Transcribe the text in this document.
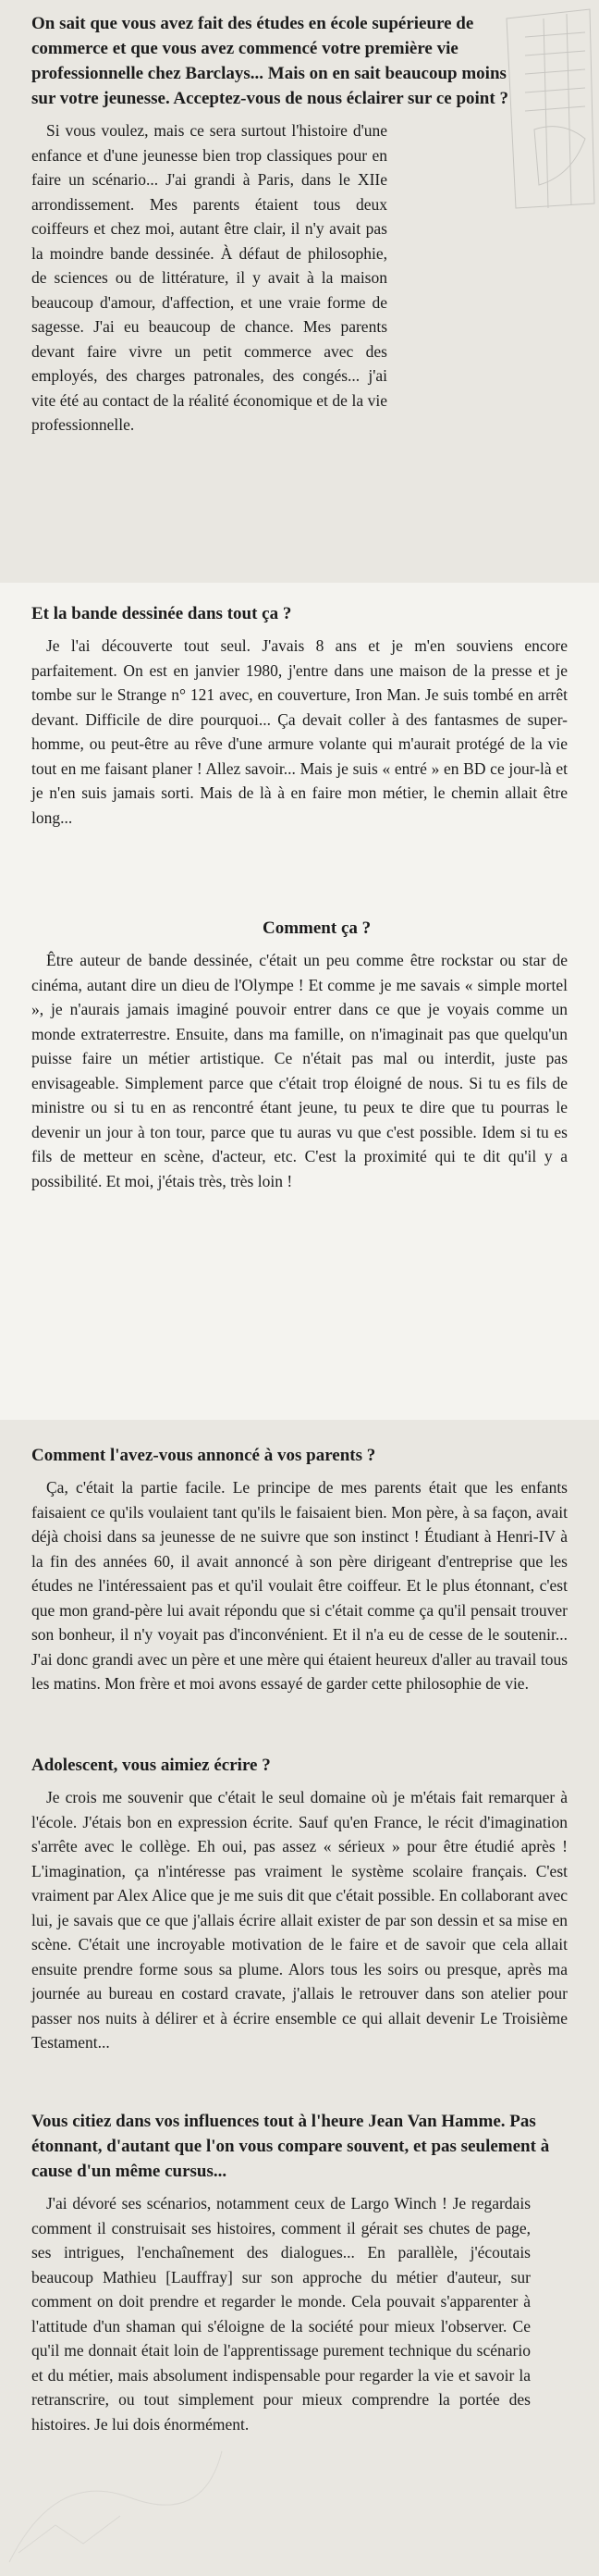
On sait que vous avez fait des études en école supérieure de commerce et que vous avez commencé votre première vie professionnelle chez Barclays... Mais on en sait beaucoup moins sur votre jeunesse. Acceptez-vous de nous éclairer sur ce point ?

Si vous voulez, mais ce sera surtout l'histoire d'une enfance et d'une jeunesse bien trop classiques pour en faire un scénario... J'ai grandi à Paris, dans le XIIe arrondissement. Mes parents étaient tous deux coiffeurs et chez moi, autant être clair, il n'y avait pas la moindre bande dessinée. À défaut de philosophie, de sciences ou de littérature, il y avait à la maison beaucoup d'amour, d'affection, et une vraie forme de sagesse. J'ai eu beaucoup de chance. Mes parents devant faire vivre un petit commerce avec des employés, des charges patronales, des congés... j'ai vite été au contact de la réalité économique et de la vie professionnelle.

Et la bande dessinée dans tout ça ?

Je l'ai découverte tout seul. J'avais 8 ans et je m'en souviens encore parfaitement. On est en janvier 1980, j'entre dans une maison de la presse et je tombe sur le Strange n° 121 avec, en couverture, Iron Man. Je suis tombé en arrêt devant. Difficile de dire pourquoi... Ça devait coller à des fantasmes de super-homme, ou peut-être au rêve d'une armure volante qui m'aurait protégé de la vie tout en me faisant planer ! Allez savoir... Mais je suis « entré » en BD ce jour-là et je n'en suis jamais sorti. Mais de là à en faire mon métier, le chemin allait être long...

Comment ça ?

Être auteur de bande dessinée, c'était un peu comme être rockstar ou star de cinéma, autant dire un dieu de l'Olympe ! Et comme je me savais « simple mortel », je n'aurais jamais imaginé pouvoir entrer dans ce que je voyais comme un monde extraterrestre. Ensuite, dans ma famille, on n'imaginait pas que quelqu'un puisse faire un métier artistique. Ce n'était pas mal ou interdit, juste pas envisageable. Simplement parce que c'était trop éloigné de nous. Si tu es fils de ministre ou si tu en as rencontré étant jeune, tu peux te dire que tu pourras le devenir un jour à ton tour, parce que tu auras vu que c'est possible. Idem si tu es fils de metteur en scène, d'acteur, etc. C'est la proximité qui te dit qu'il y a possibilité. Et moi, j'étais très, très loin !

Comment l'avez-vous annoncé à vos parents ?

Ça, c'était la partie facile. Le principe de mes parents était que les enfants faisaient ce qu'ils voulaient tant qu'ils le faisaient bien. Mon père, à sa façon, avait déjà choisi dans sa jeunesse de ne suivre que son instinct ! Étudiant à Henri-IV à la fin des années 60, il avait annoncé à son père dirigeant d'entreprise que les études ne l'intéressaient pas et qu'il voulait être coiffeur. Et le plus étonnant, c'est que mon grand-père lui avait répondu que si c'était comme ça qu'il pensait trouver son bonheur, il n'y voyait pas d'inconvénient. Et il n'a eu de cesse de le soutenir... J'ai donc grandi avec un père et une mère qui étaient heureux d'aller au travail tous les matins. Mon frère et moi avons essayé de garder cette philosophie de vie.

Adolescent, vous aimiez écrire ?

Je crois me souvenir que c'était le seul domaine où je m'étais fait remarquer à l'école. J'étais bon en expression écrite. Sauf qu'en France, le récit d'imagination s'arrête avec le collège. Eh oui, pas assez « sérieux » pour être étudié après ! L'imagination, ça n'intéresse pas vraiment le système scolaire français. C'est vraiment par Alex Alice que je me suis dit que c'était possible. En collaborant avec lui, je savais que ce que j'allais écrire allait exister de par son dessin et sa mise en scène. C'était une incroyable motivation de le faire et de savoir que cela allait ensuite prendre forme sous sa plume. Alors tous les soirs ou presque, après ma journée au bureau en costard cravate, j'allais le retrouver dans son atelier pour passer nos nuits à délirer et à écrire ensemble ce qui allait devenir Le Troisième Testament...

Vous citiez dans vos influences tout à l'heure Jean Van Hamme. Pas étonnant, d'autant que l'on vous compare souvent, et pas seulement à cause d'un même cursus...

J'ai dévoré ses scénarios, notamment ceux de Largo Winch ! Je regardais comment il construisait ses histoires, comment il gérait ses chutes de page, ses intrigues, l'enchaînement des dialogues... En parallèle, j'écoutais beaucoup Mathieu [Lauffray] sur son approche du métier d'auteur, sur comment on doit prendre et regarder le monde. Cela pouvait s'apparenter à l'attitude d'un shaman qui s'éloigne de la société pour mieux l'observer. Ce qu'il me donnait était loin de l'apprentissage purement technique du scénario et du métier, mais absolument indispensable pour regarder la vie et savoir la retranscrire, ou tout simplement pour mieux comprendre la portée des histoires. Je lui dois énormément.
